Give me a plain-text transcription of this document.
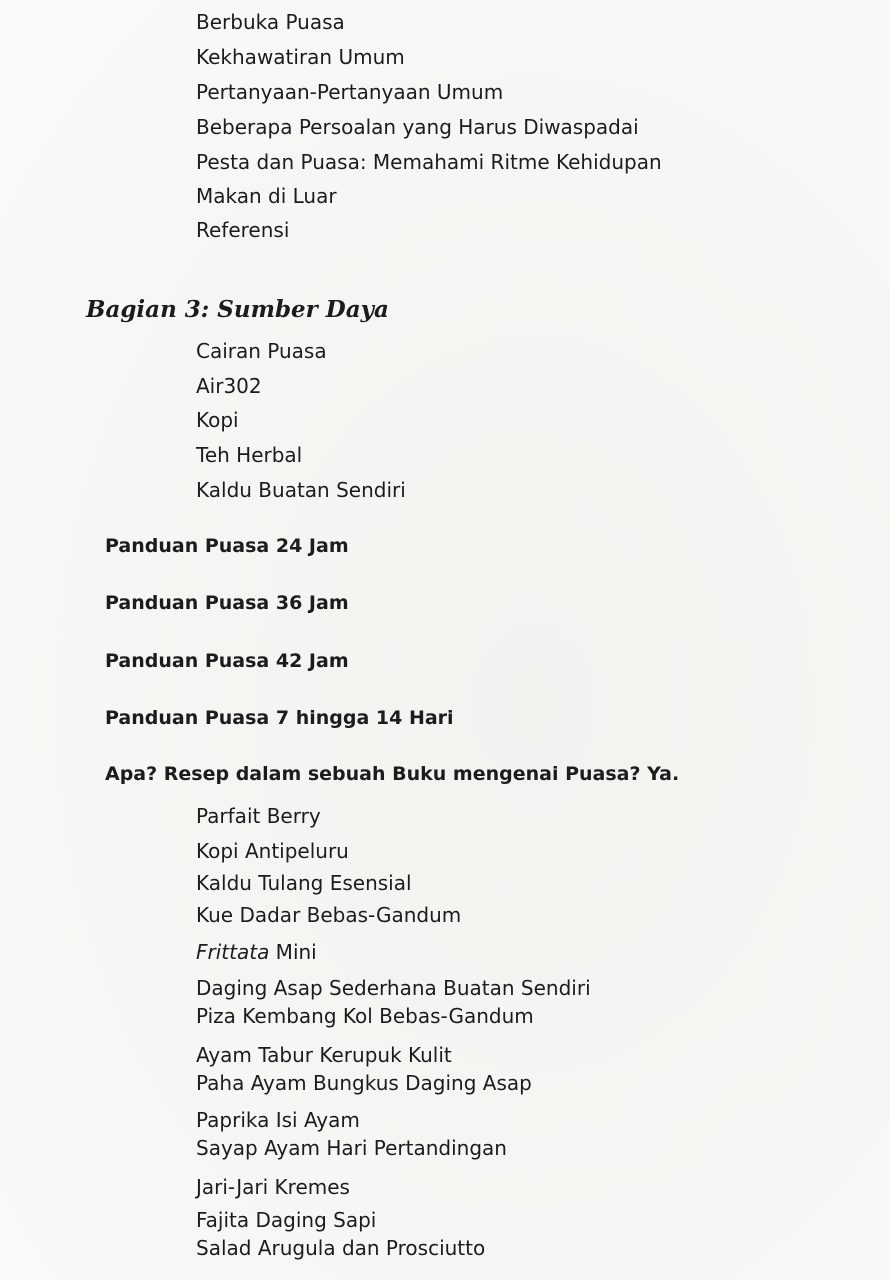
Berbuka Puasa
Kekhawatiran Umum
Pertanyaan-Pertanyaan Umum
Beberapa Persoalan yang Harus Diwaspadai
Pesta dan Puasa: Memahami Ritme Kehidupan
Makan di Luar
Referensi
Bagian 3: Sumber Daya
Cairan Puasa
Air302
Kopi
Teh Herbal
Kaldu Buatan Sendiri
Panduan Puasa 24 Jam
Panduan Puasa 36 Jam
Panduan Puasa 42 Jam
Panduan Puasa 7 hingga 14 Hari
Apa? Resep dalam sebuah Buku mengenai Puasa? Ya.
Parfait Berry
Kopi Antipeluru
Kaldu Tulang Esensial
Kue Dadar Bebas-Gandum
Frittata Mini
Daging Asap Sederhana Buatan Sendiri
Piza Kembang Kol Bebas-Gandum
Ayam Tabur Kerupuk Kulit
Paha Ayam Bungkus Daging Asap
Paprika Isi Ayam
Sayap Ayam Hari Pertandingan
Jari-Jari Kremes
Fajita Daging Sapi
Salad Arugula dan Prosciutto
